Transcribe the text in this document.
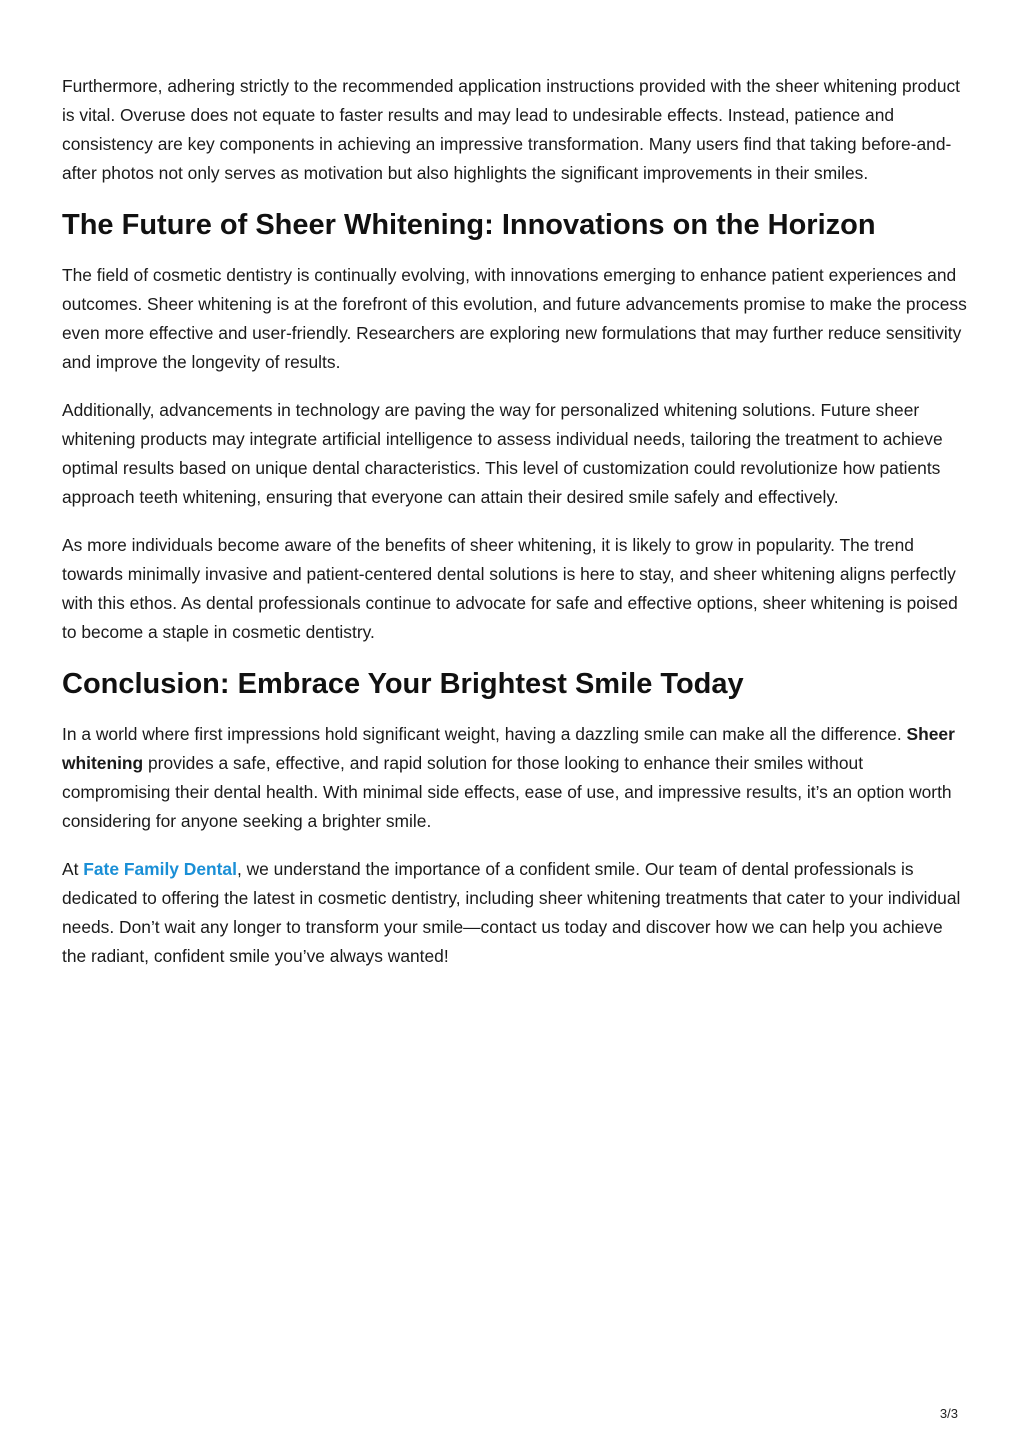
Furthermore, adhering strictly to the recommended application instructions provided with the sheer whitening product is vital. Overuse does not equate to faster results and may lead to undesirable effects. Instead, patience and consistency are key components in achieving an impressive transformation. Many users find that taking before-and-after photos not only serves as motivation but also highlights the significant improvements in their smiles.

The Future of Sheer Whitening: Innovations on the Horizon

The field of cosmetic dentistry is continually evolving, with innovations emerging to enhance patient experiences and outcomes. Sheer whitening is at the forefront of this evolution, and future advancements promise to make the process even more effective and user-friendly. Researchers are exploring new formulations that may further reduce sensitivity and improve the longevity of results.

Additionally, advancements in technology are paving the way for personalized whitening solutions. Future sheer whitening products may integrate artificial intelligence to assess individual needs, tailoring the treatment to achieve optimal results based on unique dental characteristics. This level of customization could revolutionize how patients approach teeth whitening, ensuring that everyone can attain their desired smile safely and effectively.

As more individuals become aware of the benefits of sheer whitening, it is likely to grow in popularity. The trend towards minimally invasive and patient-centered dental solutions is here to stay, and sheer whitening aligns perfectly with this ethos. As dental professionals continue to advocate for safe and effective options, sheer whitening is poised to become a staple in cosmetic dentistry.

Conclusion: Embrace Your Brightest Smile Today

In a world where first impressions hold significant weight, having a dazzling smile can make all the difference. Sheer whitening provides a safe, effective, and rapid solution for those looking to enhance their smiles without compromising their dental health. With minimal side effects, ease of use, and impressive results, it’s an option worth considering for anyone seeking a brighter smile.

At Fate Family Dental, we understand the importance of a confident smile. Our team of dental professionals is dedicated to offering the latest in cosmetic dentistry, including sheer whitening treatments that cater to your individual needs. Don’t wait any longer to transform your smile—contact us today and discover how we can help you achieve the radiant, confident smile you’ve always wanted!

3/3
